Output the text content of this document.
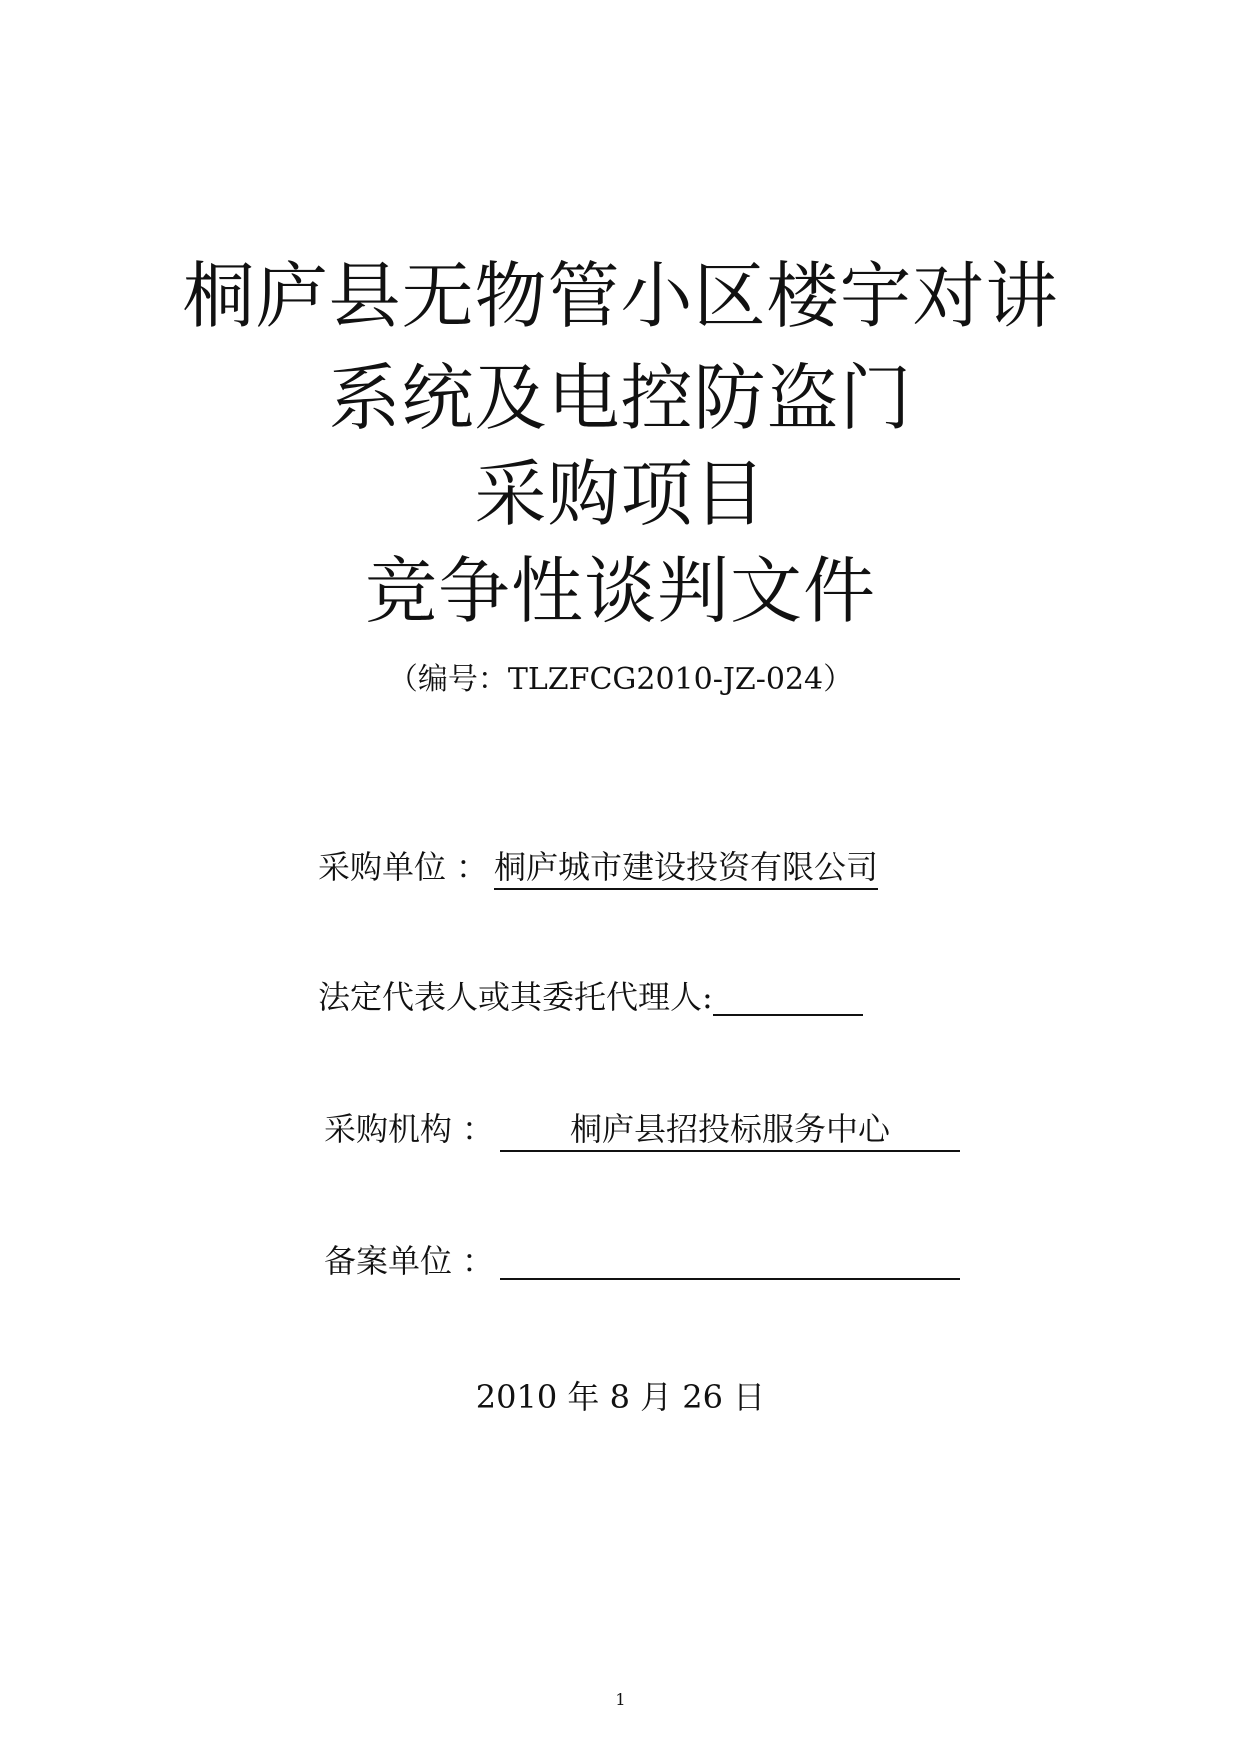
桐庐县无物管小区楼宇对讲
系统及电控防盗门
采购项目
竞争性谈判文件
（编号：TLZFCG2010-JZ-024）
采购单位 ： 桐庐城市建设投资有限公司
法定代表人或其委托代理人:
采购机构 ： 桐庐县招投标服务中心
备案单位 ：
2010 年 8 月 26 日
1
